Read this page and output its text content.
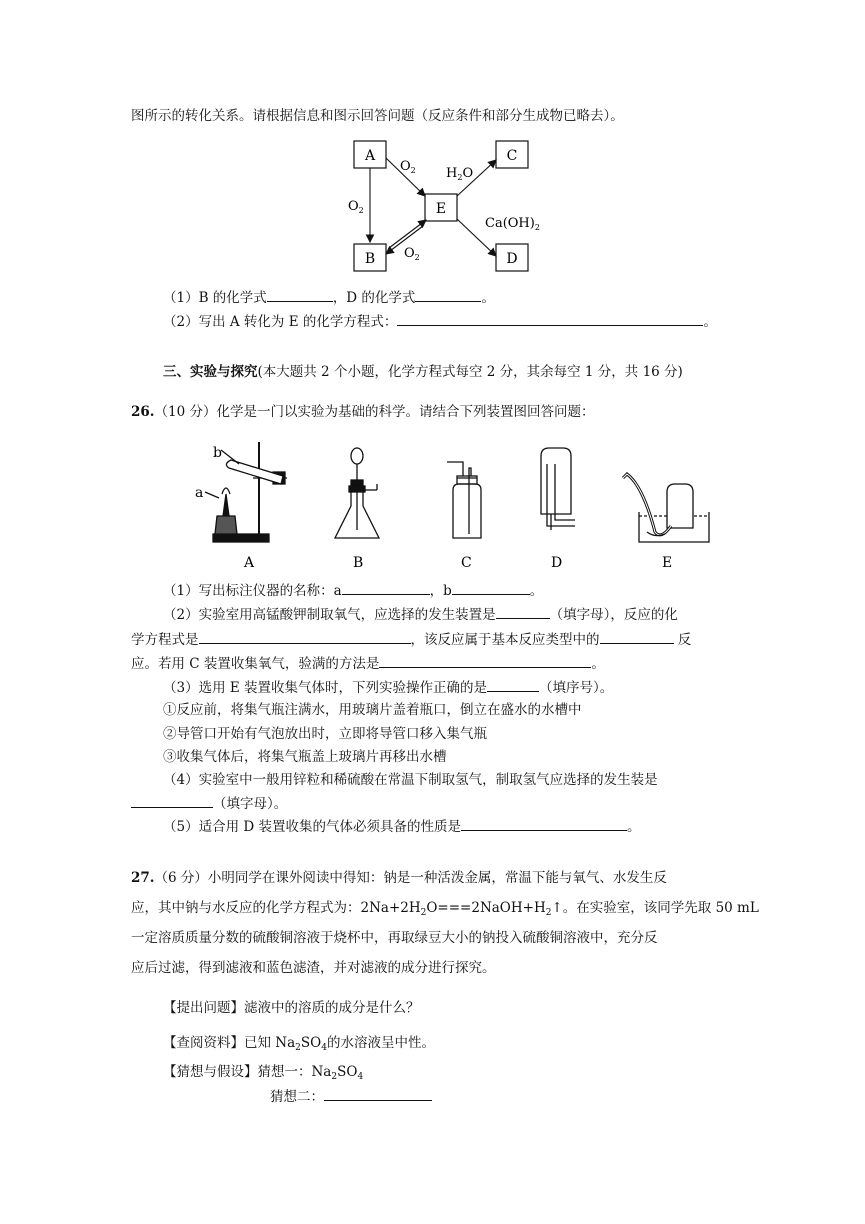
图所示的转化关系。请根据信息和图示回答问题（反应条件和部分生成物已略去）。
A
B
C
D
E
$O_2$
$O_2$
$O_2$
$H_2O$
$Ca(OH)_2$
（1）B 的化学式	，D 的化学式	。
（2）写出 A 转化为 E 的化学方程式：	。
三、实验与探究(本大题共 2 个小题，化学方程式每空 2 分，其余每空 1 分，共 16 分)
26.（10 分）化学是一门以实验为基础的科学。请结合下列装置图回答问题：
b
a
A	B	C	D	E
（1）写出标注仪器的名称：a	，b	。
（2）实验室用高锰酸钾制取氧气，应选择的发生装置是	（填字母），反应的化
学方程式是	，该反应属于基本反应类型中的	反
应。若用 C 装置收集氧气，验满的方法是	。
（3）选用 E 装置收集气体时，下列实验操作正确的是	（填序号）。
①反应前，将集气瓶注满水，用玻璃片盖着瓶口，倒立在盛水的水槽中
②导管口开始有气泡放出时，立即将导管口移入集气瓶
③收集气体后，将集气瓶盖上玻璃片再移出水槽
（4）实验室中一般用锌粒和稀硫酸在常温下制取氢气，制取氢气应选择的发生装是
（填字母）。
（5）适合用 D 装置收集的气体必须具备的性质是	。
27.（6 分）小明同学在课外阅读中得知：钠是一种活泼金属，常温下能与氧气、水发生反
应，其中钠与水反应的化学方程式为：$2Na+2H_2O===2NaOH+H_2↑$。在实验室，该同学先取 50 mL
一定溶质质量分数的硫酸铜溶液于烧杯中，再取绿豆大小的钠投入硫酸铜溶液中，充分反
应后过滤，得到滤液和蓝色滤渣，并对滤液的成分进行探究。
【提出问题】滤液中的溶质的成分是什么？
【查阅资料】已知 $Na_2SO_4$的水溶液呈中性。
【猜想与假设】猜想一：$Na_2SO_4$
猜想二：
